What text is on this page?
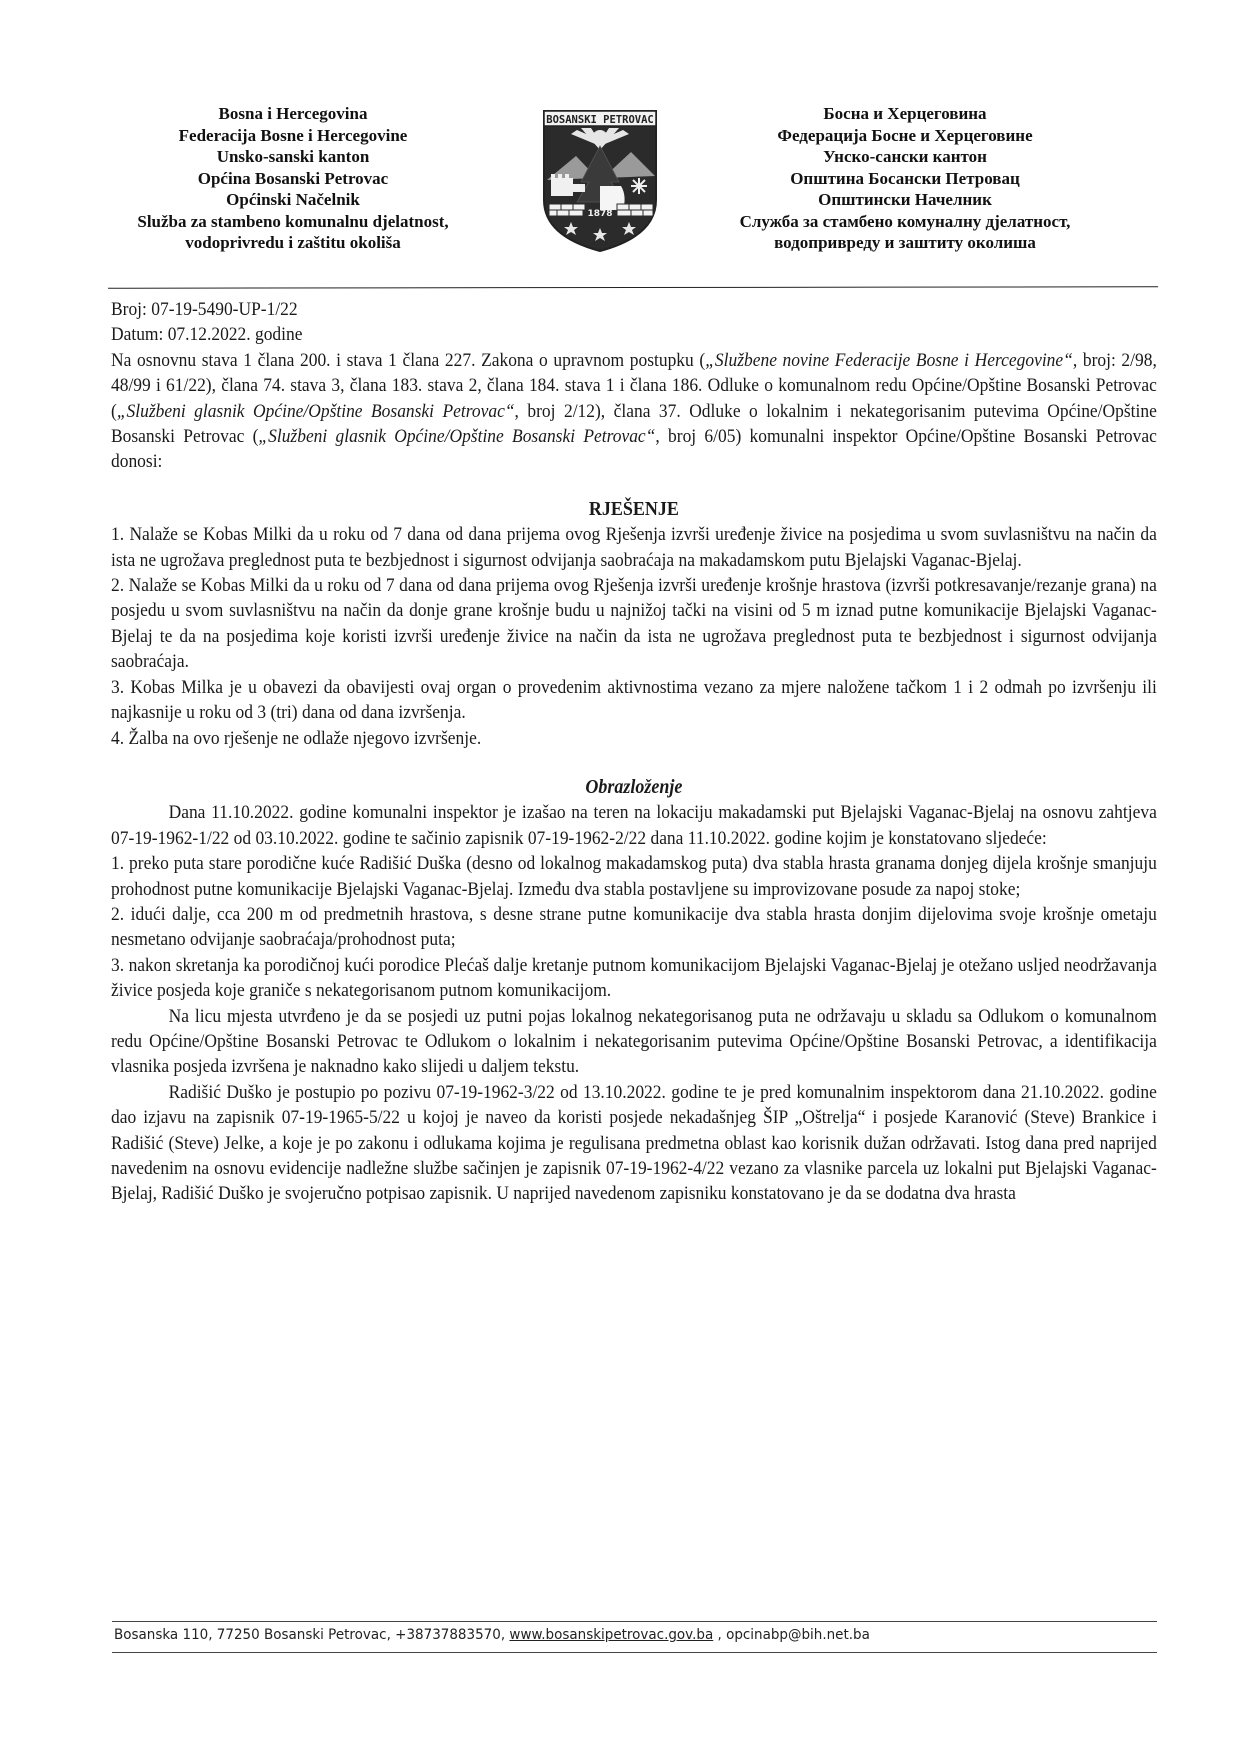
Bosna i Hercegovina
Federacija Bosne i Hercegovine
Unsko-sanski kanton
Općina Bosanski Petrovac
Općinski Načelnik
Služba za stambeno komunalnu djelatnost,
vodoprivredu i zaštitu okoliša
BOSANSKI PETROVAC
1878
Босна и Херцеговина
Федерација Босне и Херцеговине
Унско-сански кантон
Општина Босански Петровац
Општински Начелник
Служба за стамбено комуналну дјелатност,
водопривреду и заштиту околиша

Broj: 07-19-5490-UP-1/22

Datum: 07.12.2022. godine

Na osnovnu stava 1 člana 200. i stava 1 člana 227. Zakona o upravnom postupku („Službene novine Federacije Bosne i Hercegovine“, broj: 2/98, 48/99 i 61/22), člana 74. stava 3, člana 183. stava 2, člana 184. stava 1 i člana 186. Odluke o komunalnom redu Općine/Opštine Bosanski Petrovac („Službeni glasnik Općine/Opštine Bosanski Petrovac“, broj 2/12), člana 37. Odluke o lokalnim i nekategorisanim putevima Općine/Opštine Bosanski Petrovac („Službeni glasnik Općine/Opštine Bosanski Petrovac“, broj 6/05) komunalni inspektor Općine/Opštine Bosanski Petrovac donosi:

RJEŠENJE

1. Nalaže se Kobas Milki da u roku od 7 dana od dana prijema ovog Rješenja izvrši uređenje živice na posjedima u svom suvlasništvu na način da ista ne ugrožava preglednost puta te bezbjednost i sigurnost odvijanja saobraćaja na makadamskom putu Bjelajski Vaganac-Bjelaj.

2. Nalaže se Kobas Milki da u roku od 7 dana od dana prijema ovog Rješenja izvrši uređenje krošnje hrastova (izvrši potkresavanje/rezanje grana) na posjedu u svom suvlasništvu na način da donje grane krošnje budu u najnižoj tački na visini od 5 m iznad putne komunikacije Bjelajski Vaganac-Bjelaj te da na posjedima koje koristi izvrši uređenje živice na način da ista ne ugrožava preglednost puta te bezbjednost i sigurnost odvijanja saobraćaja.

3. Kobas Milka je u obavezi da obavijesti ovaj organ o provedenim aktivnostima vezano za mjere naložene tačkom 1 i 2 odmah po izvršenju ili najkasnije u roku od 3 (tri) dana od dana izvršenja.

4. Žalba na ovo rješenje ne odlaže njegovo izvršenje.

Obrazloženje

Dana 11.10.2022. godine komunalni inspektor je izašao na teren na lokaciju makadamski put Bjelajski Vaganac-Bjelaj na osnovu zahtjeva 07-19-1962-1/22 od 03.10.2022. godine te sačinio zapisnik 07-19-1962-2/22 dana 11.10.2022. godine kojim je konstatovano sljedeće:

1. preko puta stare porodične kuće Radišić Duška (desno od lokalnog makadamskog puta) dva stabla hrasta granama donjeg dijela krošnje smanjuju prohodnost putne komunikacije Bjelajski Vaganac-Bjelaj. Između dva stabla postavljene su improvizovane posude za napoj stoke;

2. idući dalje, cca 200 m od predmetnih hrastova, s desne strane putne komunikacije dva stabla hrasta donjim dijelovima svoje krošnje ometaju nesmetano odvijanje saobraćaja/prohodnost puta;

3. nakon skretanja ka porodičnoj kući porodice Plećaš dalje kretanje putnom komunikacijom Bjelajski Vaganac-Bjelaj je otežano usljed neodržavanja živice posjeda koje graniče s nekategorisanom putnom komunikacijom.

Na licu mjesta utvrđeno je da se posjedi uz putni pojas lokalnog nekategorisanog puta ne održavaju u skladu sa Odlukom o komunalnom redu Općine/Opštine Bosanski Petrovac te Odlukom o lokalnim i nekategorisanim putevima Općine/Opštine Bosanski Petrovac, a identifikacija vlasnika posjeda izvršena je naknadno kako slijedi u daljem tekstu.

Radišić Duško je postupio po pozivu 07-19-1962-3/22 od 13.10.2022. godine te je pred komunalnim inspektorom dana 21.10.2022. godine dao izjavu na zapisnik 07-19-1965-5/22 u kojoj je naveo da koristi posjede nekadašnjeg ŠIP „Oštrelja“ i posjede Karanović (Steve) Brankice i Radišić (Steve) Jelke, a koje je po zakonu i odlukama kojima je regulisana predmetna oblast kao korisnik dužan održavati. Istog dana pred naprijed navedenim na osnovu evidencije nadležne službe sačinjen je zapisnik 07-19-1962-4/22 vezano za vlasnike parcela uz lokalni put Bjelajski Vaganac-Bjelaj, Radišić Duško je svojeručno potpisao zapisnik. U naprijed navedenom zapisniku konstatovano je da se dodatna dva hrasta

Bosanska 110, 77250 Bosanski Petrovac, +38737883570, www.bosanskipetrovac.gov.ba , opcinabp@bih.net.ba
